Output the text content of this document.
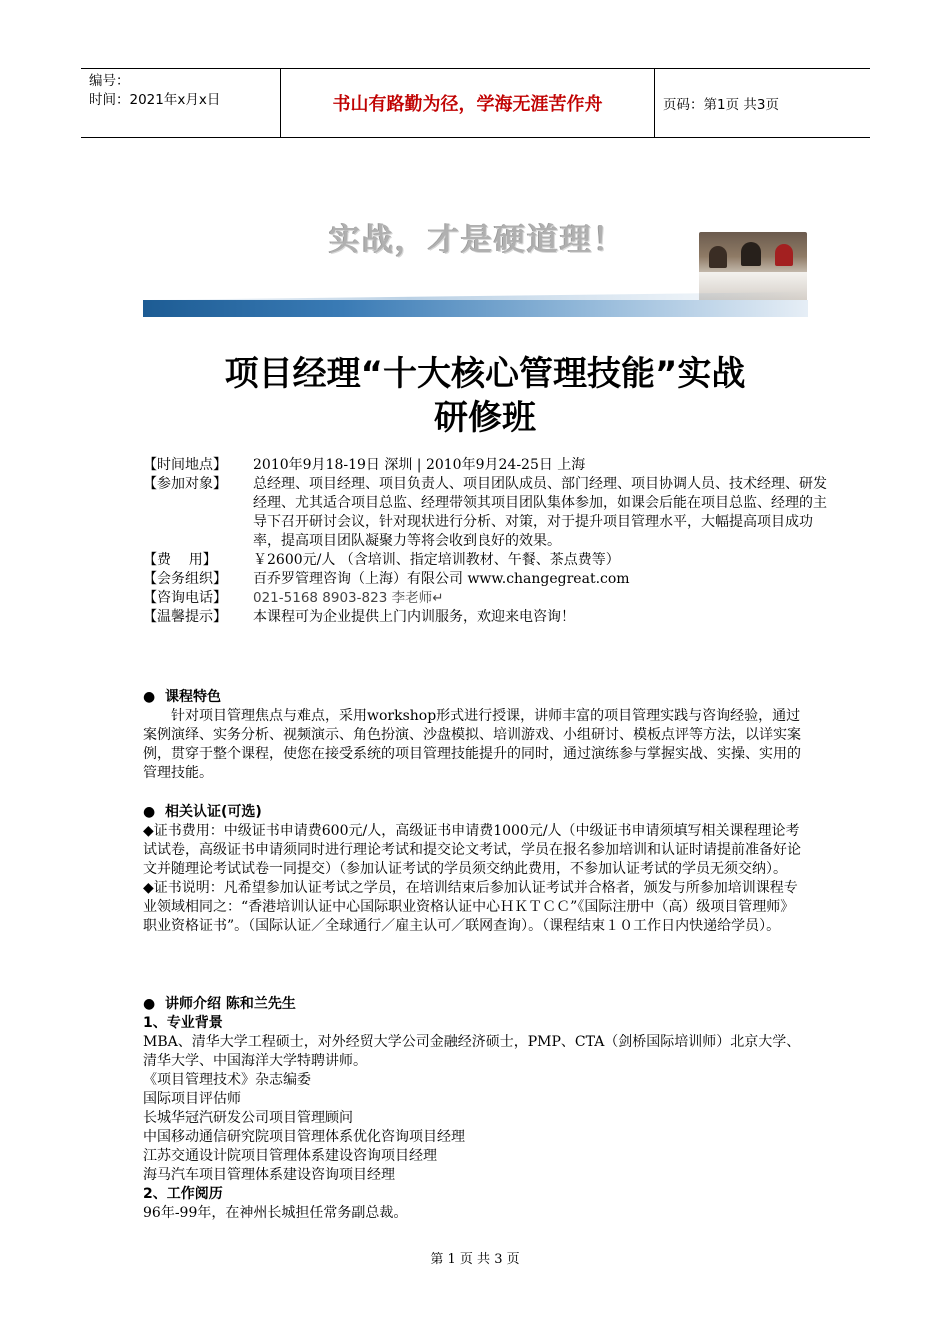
编号：
时间：2021年x月x日	书山有路勤为径，学海无涯苦作舟	页码：第1页 共3页
实战，才是硬道理！
项目经理“十大核心管理技能”实战
研修班
【时间地点】	2010年9月18-19日 深圳 | 2010年9月24-25日 上海
【参加对象】	总经理、项目经理、项目负责人、项目团队成员、部门经理、项目协调人员、技术经理、研发经理、尤其适合项目总监、经理带领其项目团队集体参加，如课会后能在项目总监、经理的主导下召开研讨会议，针对现状进行分析、对策，对于提升项目管理水平，大幅提高项目成功率，提高项目团队凝聚力等将会收到良好的效果。
【费    用】	￥2600元/人 （含培训、指定培训教材、午餐、茶点费等）
【会务组织】	百乔罗管理咨询（上海）有限公司 www.changegreat.com
【咨询电话】	021-5168 8903-823 李老师↵
【温馨提示】	本课程可为企业提供上门内训服务，欢迎来电咨询！
● 课程特色
针对项目管理焦点与难点，采用workshop形式进行授课，讲师丰富的项目管理实践与咨询经验，通过案例演绎、实务分析、视频演示、角色扮演、沙盘模拟、培训游戏、小组研讨、模板点评等方法，以详实案例，贯穿于整个课程，使您在接受系统的项目管理技能提升的同时，通过演练参与掌握实战、实操、实用的管理技能。
● 相关认证(可选)
◆证书费用：中级证书申请费600元/人，高级证书申请费1000元/人（中级证书申请须填写相关课程理论考试试卷，高级证书申请须同时进行理论考试和提交论文考试，学员在报名参加培训和认证时请提前准备好论文并随理论考试试卷一同提交）（参加认证考试的学员须交纳此费用，不参加认证考试的学员无须交纳）。
◆证书说明：凡希望参加认证考试之学员，在培训结束后参加认证考试并合格者，颁发与所参加培训课程专业领域相同之：“香港培训认证中心国际职业资格认证中心ＨＫＴＣＣ”《国际注册中（高）级项目管理师》职业资格证书”。（国际认证／全球通行／雇主认可／联网查询）。（课程结束１０工作日内快递给学员）。
● 讲师介绍 陈和兰先生
1、专业背景
MBA、清华大学工程硕士，对外经贸大学公司金融经济硕士，PMP、CTA（剑桥国际培训师）北京大学、清华大学、中国海洋大学特聘讲师。
《项目管理技术》杂志编委
国际项目评估师
长城华冠汽研发公司项目管理顾问
中国移动通信研究院项目管理体系优化咨询项目经理
江苏交通设计院项目管理体系建设咨询项目经理
海马汽车项目管理体系建设咨询项目经理
2、工作阅历
96年-99年，在神州长城担任常务副总裁。
第 1 页 共 3 页
